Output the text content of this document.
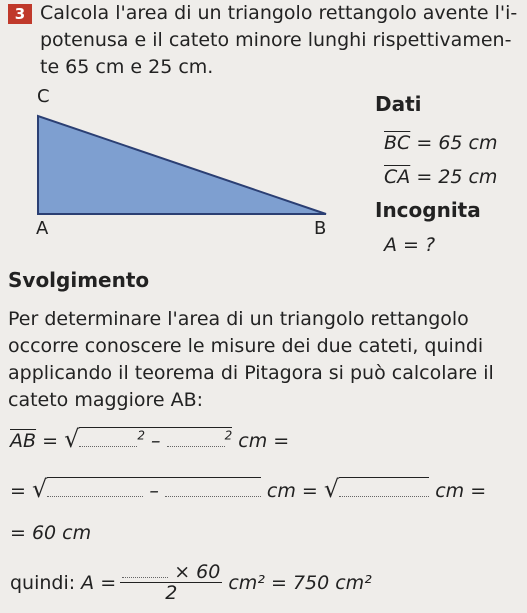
3 Calcola l'area di un triangolo rettangolo avente l'i- potenusa e il cateto minore lunghi rispettivamen- te 65 cm e 25 cm.
C
A	B
Dati
$\overline{BC} = 65$ cm
$\overline{CA} = 25$ cm
Incognita
A = ?
Svolgimento
Per determinare l'area di un triangolo rettangolo occorre conoscere le misure dei due cateti, quindi applicando il teorema di Pitagora si può calcolare il cateto maggiore AB:
$\overline{AB}$ = √	$^2$ –	$^2$ cm =
= √	–	cm = √	cm =
= 60 cm
quindi: $A = \frac{\times 60}{2} cm^2 = 750$ cm²
